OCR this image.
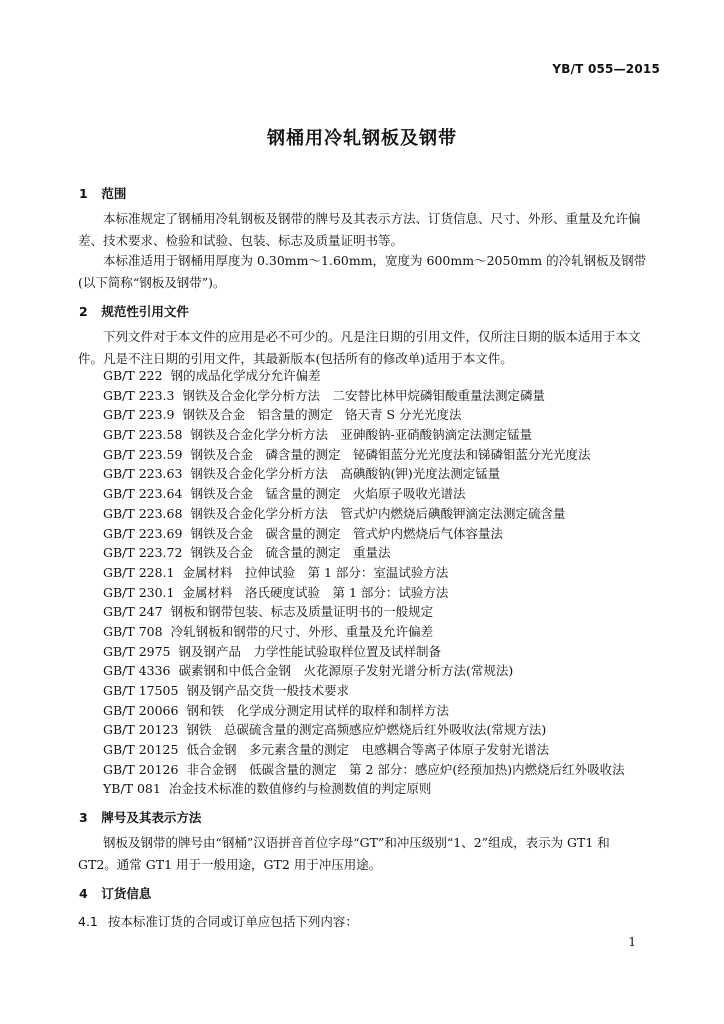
YB/T 055—2015
钢桶用冷轧钢板及钢带
1 范围

本标准规定了钢桶用冷轧钢板及钢带的牌号及其表示方法、订货信息、尺寸、外形、重量及允许偏差、技术要求、检验和试验、包装、标志及质量证明书等。

本标准适用于钢桶用厚度为 0.30mm～1.60mm，宽度为 600mm～2050mm 的冷轧钢板及钢带(以下简称“钢板及钢带”)。

2 规范性引用文件

下列文件对于本文件的应用是必不可少的。凡是注日期的引用文件，仅所注日期的版本适用于本文件。凡是不注日期的引用文件，其最新版本(包括所有的修改单)适用于本文件。

GB/T 222 钢的成品化学成分允许偏差
GB/T 223.3 钢铁及合金化学分析方法　二安替比林甲烷磷钼酸重量法测定磷量
GB/T 223.9 钢铁及合金　铝含量的测定　铬天青 S 分光光度法
GB/T 223.58 钢铁及合金化学分析方法　亚砷酸钠-亚硝酸钠滴定法测定锰量
GB/T 223.59 钢铁及合金　磷含量的测定　铋磷钼蓝分光光度法和锑磷钼蓝分光光度法
GB/T 223.63 钢铁及合金化学分析方法　高碘酸钠(钾)光度法测定锰量
GB/T 223.64 钢铁及合金　锰含量的测定　火焰原子吸收光谱法
GB/T 223.68 钢铁及合金化学分析方法　管式炉内燃烧后碘酸钾滴定法测定硫含量
GB/T 223.69 钢铁及合金　碳含量的测定　管式炉内燃烧后气体容量法
GB/T 223.72 钢铁及合金　硫含量的测定　重量法
GB/T 228.1 金属材料　拉伸试验　第 1 部分：室温试验方法
GB/T 230.1 金属材料　洛氏硬度试验　第 1 部分：试验方法
GB/T 247 钢板和钢带包装、标志及质量证明书的一般规定
GB/T 708 冷轧钢板和钢带的尺寸、外形、重量及允许偏差
GB/T 2975 钢及钢产品　力学性能试验取样位置及试样制备
GB/T 4336 碳素钢和中低合金钢　火花源原子发射光谱分析方法(常规法)
GB/T 17505 钢及钢产品交货一般技术要求
GB/T 20066 钢和铁　化学成分测定用试样的取样和制样方法
GB/T 20123 钢铁　总碳硫含量的测定高频感应炉燃烧后红外吸收法(常规方法)
GB/T 20125 低合金钢　多元素含量的测定　电感耦合等离子体原子发射光谱法
GB/T 20126 非合金钢　低碳含量的测定　第 2 部分：感应炉(经预加热)内燃烧后红外吸收法
YB/T 081 冶金技术标准的数值修约与检测数值的判定原则
3 牌号及其表示方法

钢板及钢带的牌号由“钢桶”汉语拼音首位字母“GT”和冲压级别“1、2”组成，表示为 GT1 和 GT2。通常 GT1 用于一般用途，GT2 用于冲压用途。

4 订货信息
4.1 按本标准订货的合同或订单应包括下列内容：
1
